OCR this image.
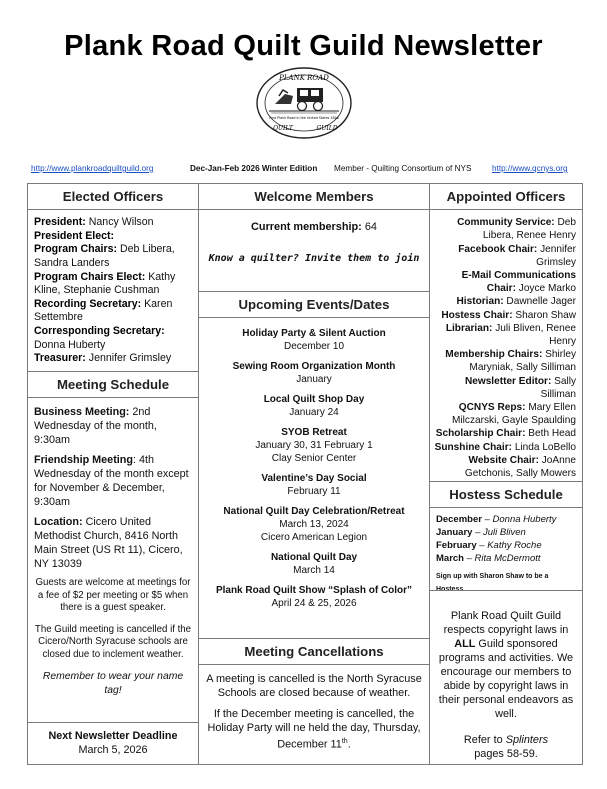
Plank Road Quilt Guild Newsletter
PLANK ROAD
First Plank Road in the United States 1846
QUILT	GUILD
http://www.plankroadquiltguild.org	Dec-Jan-Feb 2026 Winter Edition Member - Quilting Consortium of NYS	http://www.qcnys.org
Elected Officers
President: Nancy Wilson
President Elect:
Program Chairs: Deb Libera, Sandra Landers
Program Chairs Elect: Kathy Kline, Stephanie Cushman
Recording Secretary: Karen Settembre
Corresponding Secretary: Donna Huberty
Treasurer: Jennifer Grimsley
Meeting Schedule
Business Meeting: 2nd Wednesday of the month, 9:30am
Friendship Meeting: 4th Wednesday of the month except for November & December, 9:30am
Location: Cicero United Methodist Church, 8416 North Main Street (US Rt 11), Cicero, NY 13039
Guests are welcome at meetings for a fee of $2 per meeting or $5 when there is a guest speaker.
The Guild meeting is cancelled if the Cicero/North Syracuse schools are closed due to inclement weather.
Remember to wear your name tag!
Next Newsletter Deadline
March 5, 2026
Welcome Members
Current membership: 64
Know a quilter? Invite them to join
Upcoming Events/Dates
Holiday Party & Silent Auction
December 10
Sewing Room Organization Month
January
Local Quilt Shop Day
January 24
SYOB Retreat
January 30, 31 February 1
Clay Senior Center
Valentine’s Day Social
February 11
National Quilt Day Celebration/Retreat
March 13, 2024
Cicero American Legion
National Quilt Day
March 14
Plank Road Quilt Show “Splash of Color”
April 24 & 25, 2026
Meeting Cancellations

A meeting is cancelled is the North Syracuse Schools are closed because of weather.

If the December meeting is cancelled, the Holiday Party will ne held the day, Thursday, December 11th.

Appointed Officers
Community Service: Deb Libera, Renee Henry
Facebook Chair: Jennifer Grimsley
E-Mail Communications Chair: Joyce Marko
Historian: Dawnelle Jager
Hostess Chair: Sharon Shaw
Librarian: Juli Bliven, Renee Henry
Membership Chairs: Shirley Maryniak, Sally Silliman
Newsletter Editor: Sally Silliman
QCNYS Reps: Mary Ellen Milczarski, Gayle Spaulding
Scholarship Chair: Beth Head
Sunshine Chair: Linda LoBello
Website Chair: JoAnne Getchonis, Sally Mowers
Hostess Schedule
December – Donna Huberty
January – Juli Bliven
February – Kathy Roche
March – Rita McDermott
Sign up with Sharon Shaw to be a Hostess
Plank Road Quilt Guild respects copyright laws in ALL Guild sponsored programs and activities. We encourage our members to abide by copyright laws in their personal endeavors as well.
Refer to Splinters
pages 58-59.
